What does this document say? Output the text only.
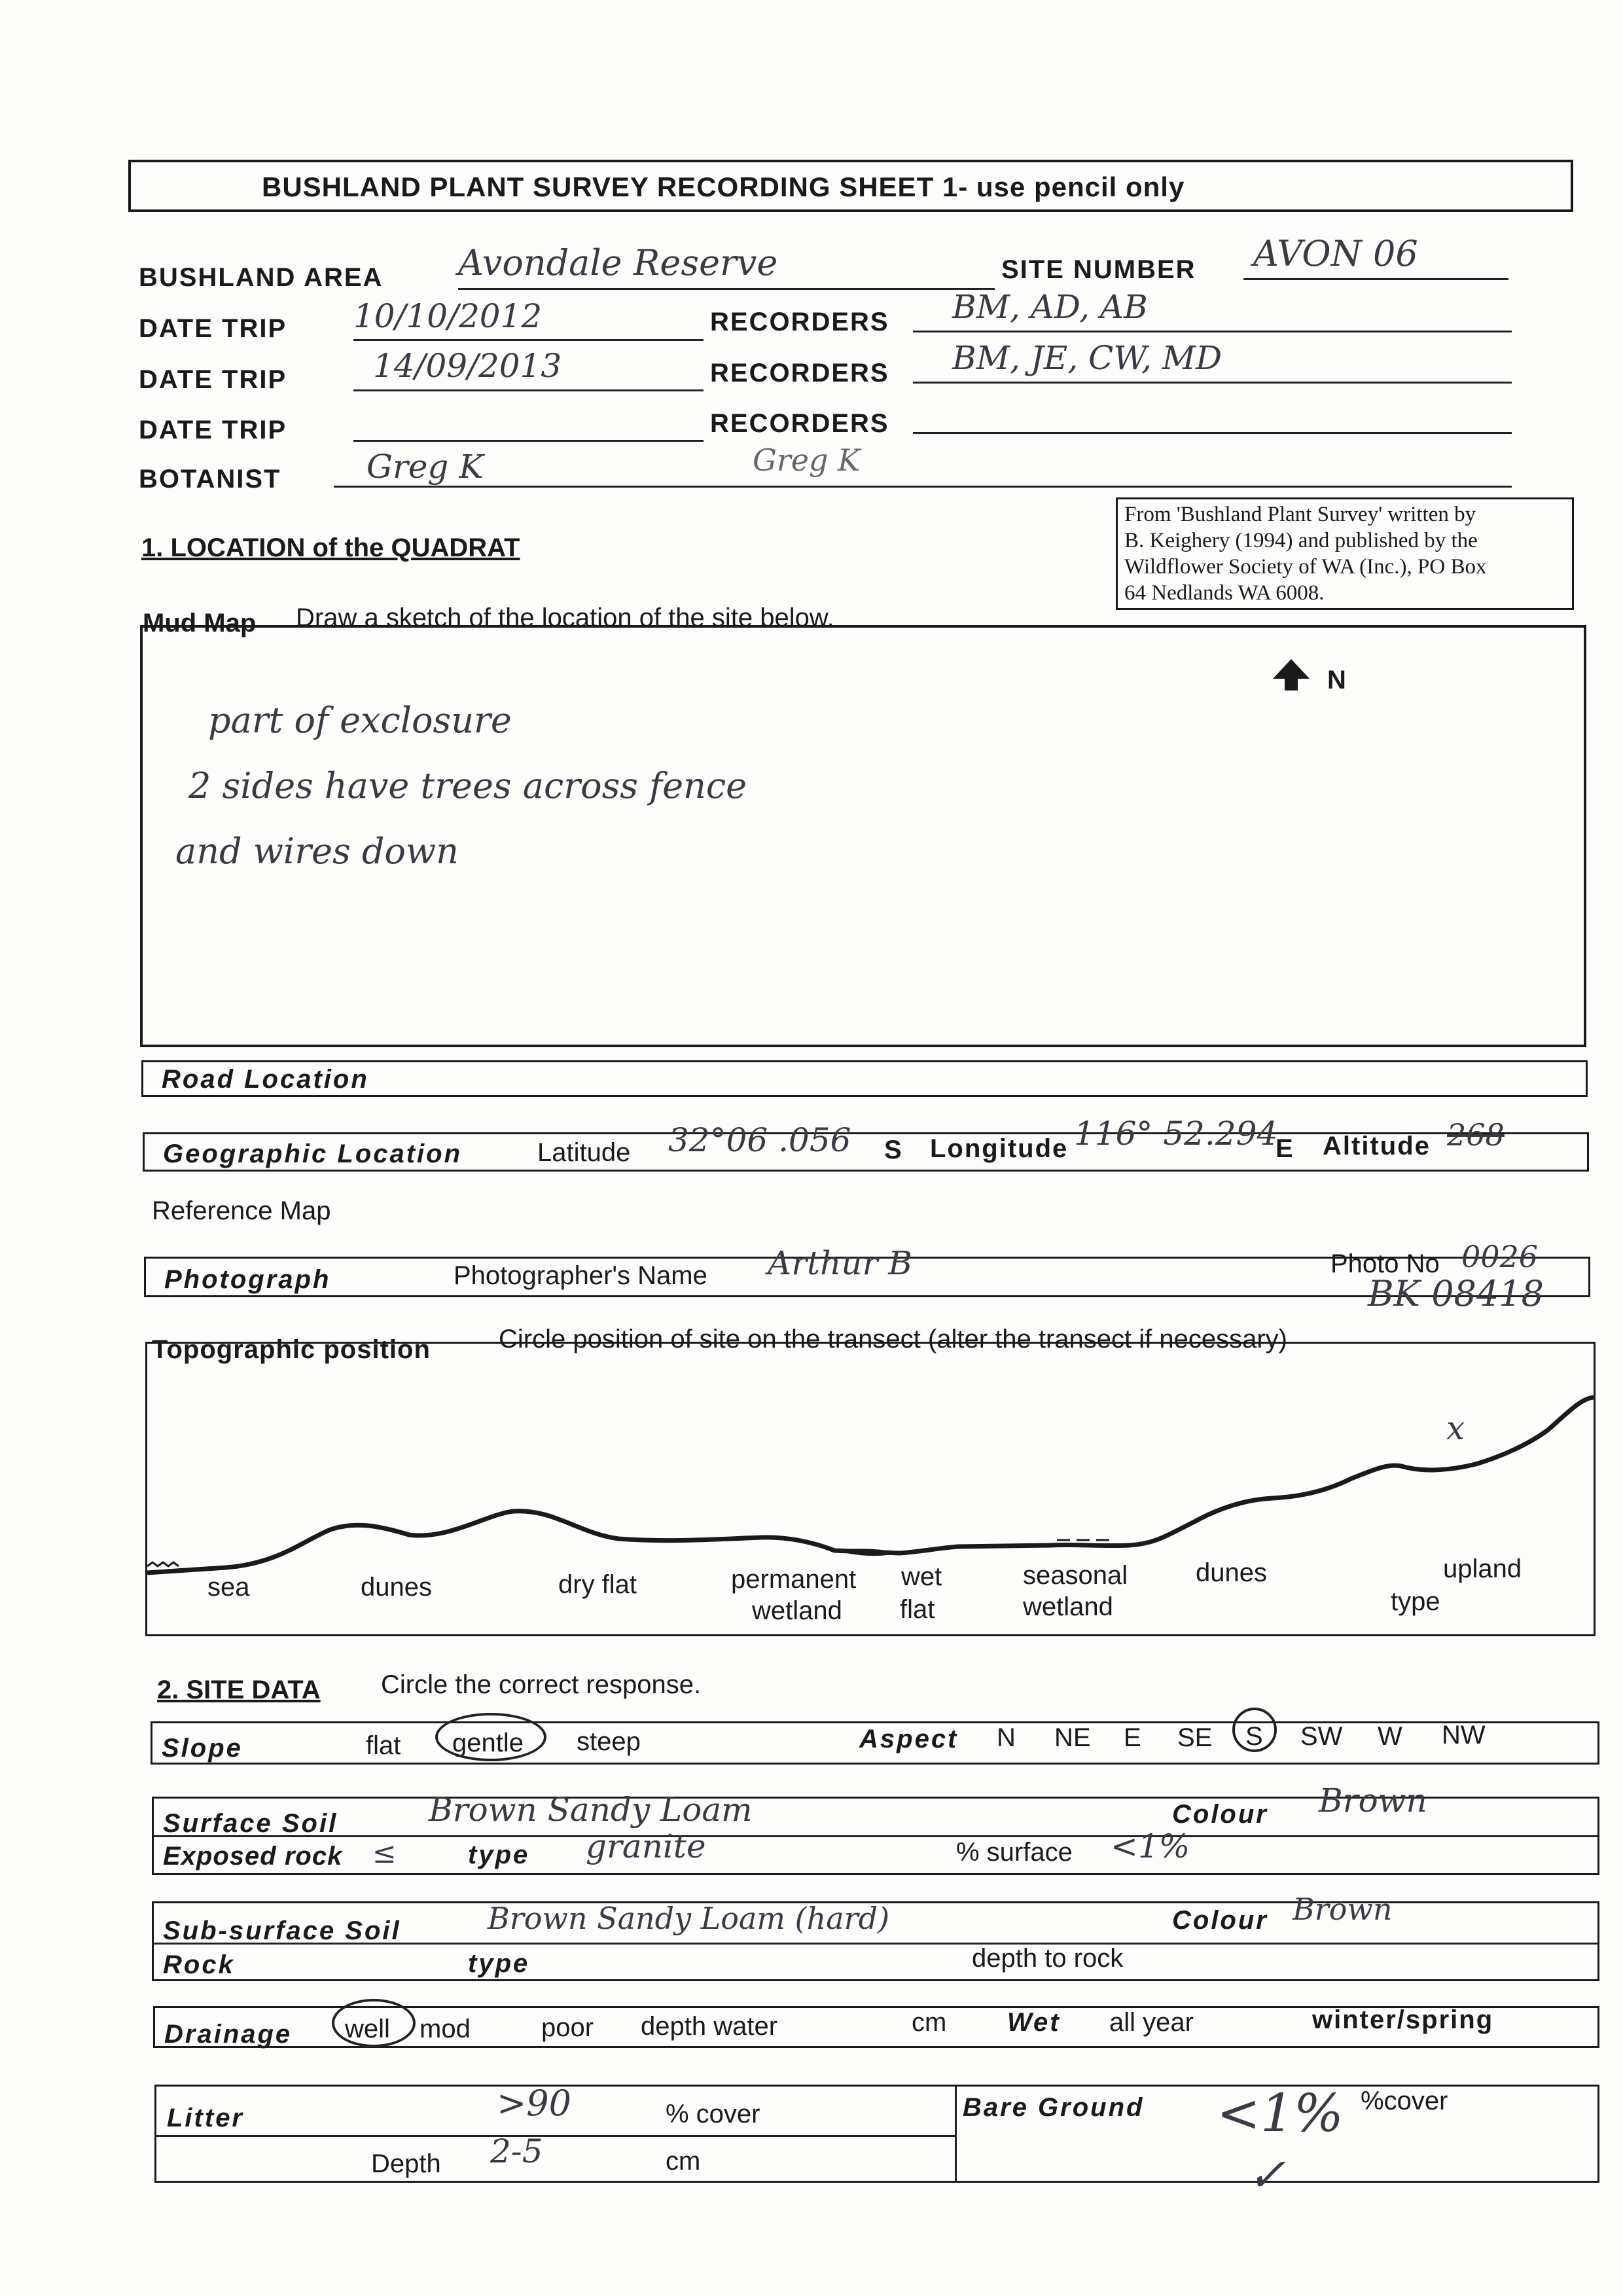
BUSHLAND PLANT SURVEY RECORDING SHEET 1- use pencil only
BUSHLAND AREA Avondale Reserve	SITE NUMBER AVON 06
DATE TRIP 10/10/2012	RECORDERS BM, AD, AB
DATE TRIP	14/09/2013	RECORDERS BM, JE, CW, MD
DATE TRIP	RECORDERS
BOTANIST	Greg K	Greg K
From 'Bushland Plant Survey' written by
B. Keighery (1994) and published by the
Wildflower Society of WA (Inc.), PO Box
64 Nedlands WA 6008.
1. LOCATION of the QUADRAT
Mud Map Draw a sketch of the location of the site below.
N
part of exclosure
2 sides have trees across fence
and wires down
Road Location
Geographic Location	Latitude 32°06 .056 S Longitude 116° 52.294
E Altitude 268
Reference Map
Photograph	Photographer's Name Arthur B	Photo No 0026
BK 08418
Topographic position	Circle position of site on the transect (alter the transect if necessary)
x
sea	dunes	dry flat	permanent
wetland
wet
flat
seasonal
wetland
dunes	upland
type
2. SITE DATA Circle the correct response.
Slope	flat gentle steep	Aspect N NE E SE S SW W NW
Surface Soil	Brown Sandy Loam	Colour Brown
Exposed rock ≤	type granite	% surface <1%
Sub-surface Soil	Brown Sandy Loam (hard)	Colour Brown
Rock	type	depth to rock
Drainage well mod	poor depth water	cm Wet all year	winter/spring
Litter	>90	% cover
Depth 2-5	cm
Bare Ground <1% %cover
✓
